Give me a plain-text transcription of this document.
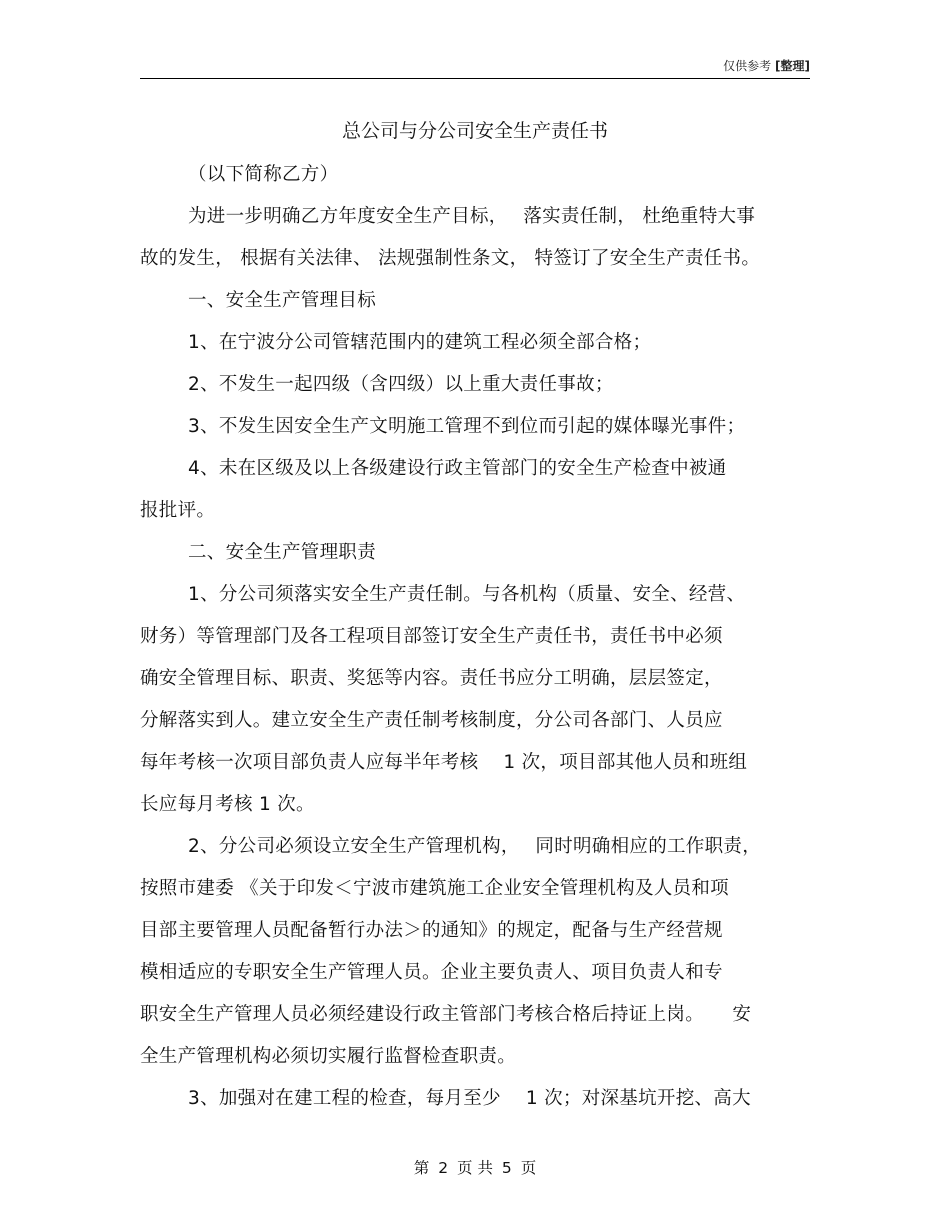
仅供参考 [整理]
总公司与分公司安全生产责任书
（以下简称乙方）
为进一步明确乙方年度安全生产目标，　 落实责任制， 杜绝重特大事
故的发生， 根据有关法律、 法规强制性条文， 特签订了安全生产责任书。
一、安全生产管理目标
1、在宁波分公司管辖范围内的建筑工程必须全部合格；
2、不发生一起四级（含四级）以上重大责任事故；
3、不发生因安全生产文明施工管理不到位而引起的媒体曝光事件；
4、未在区级及以上各级建设行政主管部门的安全生产检查中被通
报批评。
二、安全生产管理职责
1、分公司须落实安全生产责任制。与各机构（质量、安全、经营、
财务）等管理部门及各工程项目部签订安全生产责任书，责任书中必须
确安全管理目标、职责、奖惩等内容。责任书应分工明确，层层签定，
分解落实到人。建立安全生产责任制考核制度，分公司各部门、人员应
每年考核一次项目部负责人应每半年考核　 1 次，项目部其他人员和班组
长应每月考核 1 次。
2、分公司必须设立安全生产管理机构，　 同时明确相应的工作职责，
按照市建委 《关于印发＜宁波市建筑施工企业安全管理机构及人员和项
目部主要管理人员配备暂行办法＞的通知》的规定，配备与生产经营规
模相适应的专职安全生产管理人员。企业主要负责人、项目负责人和专
职安全生产管理人员必须经建设行政主管部门考核合格后持证上岗。　　安
全生产管理机构必须切实履行监督检查职责。
3、加强对在建工程的检查，每月至少　 1 次；对深基坑开挖、高大
第 2 页 共 5 页
